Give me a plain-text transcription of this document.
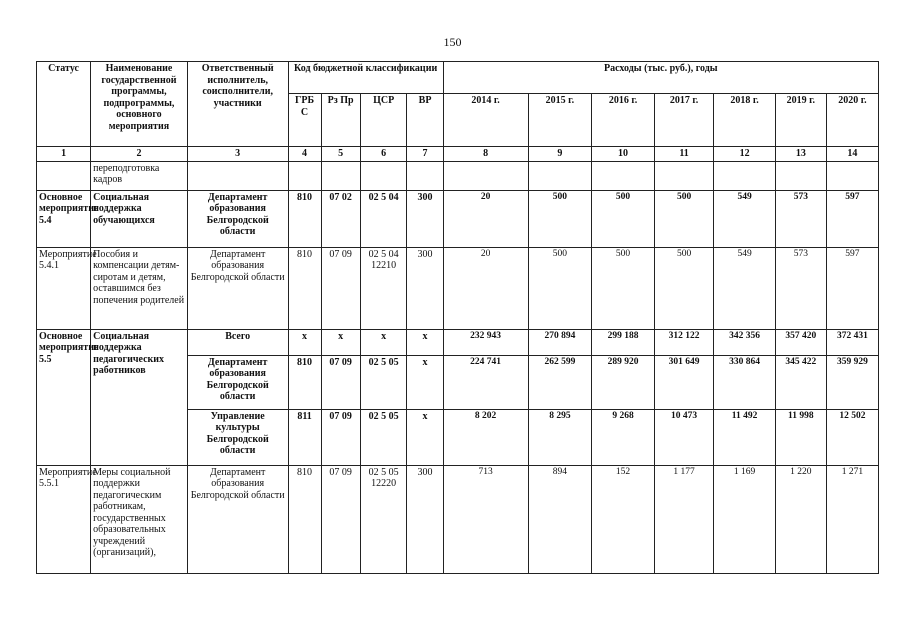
150
Статус	Наименование государственной программы, подпрограммы, основного мероприятия	Ответственный исполнитель, соисполнители, участники	Код бюджетной классификации				Расходы (тыс. руб.), годы						
			ГРБ С	Рз Пр	ЦСР	ВР	2014 г.	2015 г.	2016 г.	2017 г.	2018 г.	2019 г.	2020 г.
1	2	3	4	5	6	7	8	9	10	11	12	13	14
	переподготовка кадров												
Основное мероприятие 5.4	Социальная поддержка обучающихся	Департамент образования Белгородской области	810	07 02	02 5 04	300	20	500	500	500	549	573	597
Мероприятие 5.4.1	Пособия и компенсации детям-сиротам и детям, оставшимся без попечения родителей	Департамент образования Белгородской области	810	07 09	02 5 04 12210	300	20	500	500	500	549	573	597
Основное мероприятие 5.5	Социальная поддержка педагогических работников	Всего	х	х	х	х	232 943	270 894	299 188	312 122	342 356	357 420	372 431
		Департамент образования Белгородской области	810	07 09	02 5 05	х	224 741	262 599	289 920	301 649	330 864	345 422	359 929
		Управление культуры Белгородской области	811	07 09	02 5 05	х	8 202	8 295	9 268	10 473	11 492	11 998	12 502
Мероприятие 5.5.1	Меры социальной поддержки педагогическим работникам, государственных образовательных учреждений (организаций),	Департамент образования Белгородской области	810	07 09	02 5 05 12220	300	713	894	152	1 177	1 169	1 220	1 271
